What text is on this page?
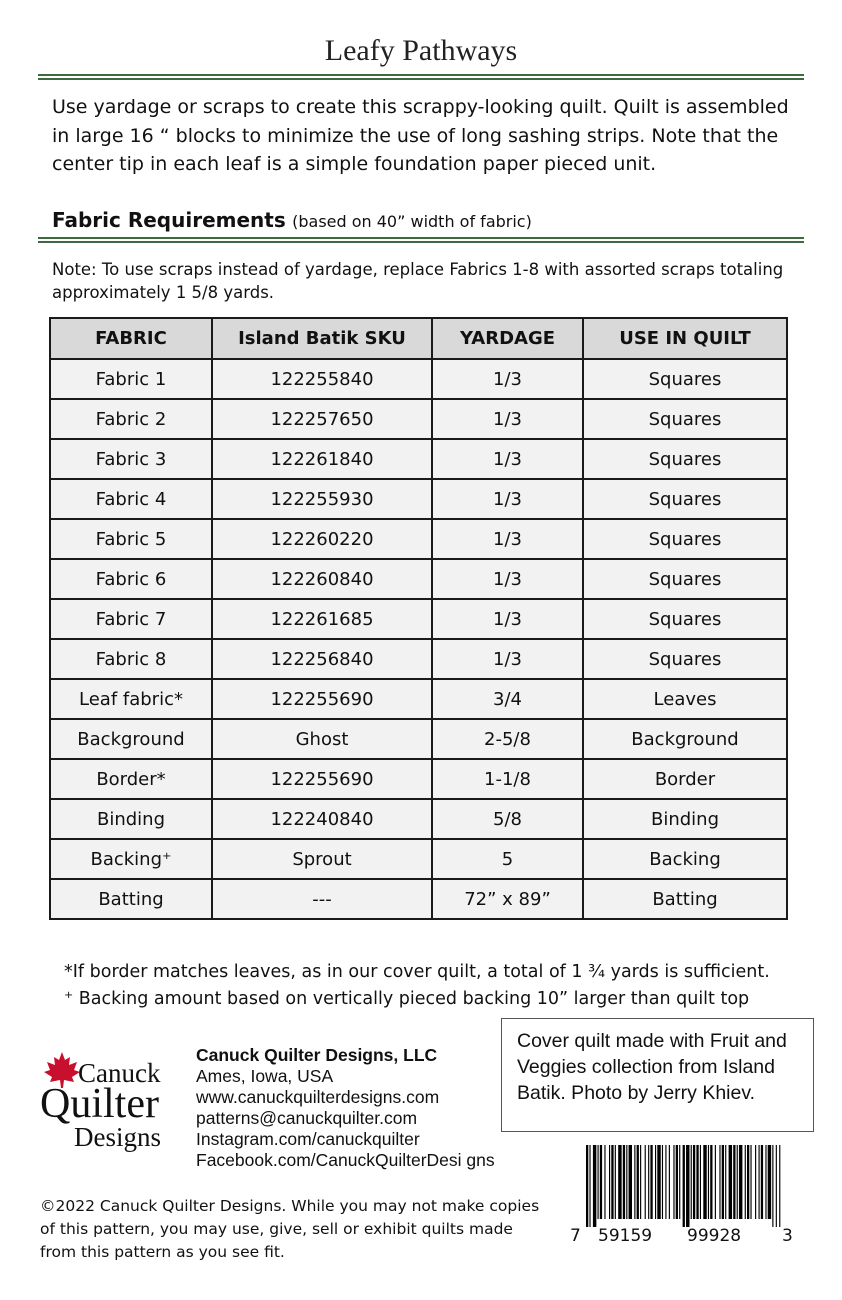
Leafy Pathways
Use yardage or scraps to create this scrappy-looking quilt. Quilt is assembled in large 16 “ blocks to minimize the use of long sashing strips. Note that the center tip in each leaf is a simple foundation paper pieced unit.
Fabric Requirements (based on 40” width of fabric)
Note: To use scraps instead of yardage, replace Fabrics 1-8 with assorted scraps totaling approximately 1 5/8 yards.
FABRIC	Island Batik SKU	YARDAGE	USE IN QUILT
Fabric 1	122255840	1/3	Squares
Fabric 2	122257650	1/3	Squares
Fabric 3	122261840	1/3	Squares
Fabric 4	122255930	1/3	Squares
Fabric 5	122260220	1/3	Squares
Fabric 6	122260840	1/3	Squares
Fabric 7	122261685	1/3	Squares
Fabric 8	122256840	1/3	Squares
Leaf fabric*	122255690	3/4	Leaves
Background	Ghost	2-5/8	Background
Border*	122255690	1-1/8	Border
Binding	122240840	5/8	Binding
Backing⁺	Sprout	5	Backing
Batting	---	72” x 89”	Batting
*If border matches leaves, as in our cover quilt, a total of 1 ¾ yards is sufficient.
⁺ Backing amount based on vertically pieced backing 10” larger than quilt top
Cover quilt made with Fruit and Veggies collection from Island Batik. Photo by Jerry Khiev.
Canuck
Quilter
Designs
Canuck Quilter Designs, LLC
Ames, Iowa, USA
www.canuckquilterdesigns.com
patterns@canuckquilter.com
Instagram.com/canuckquilter
Facebook.com/CanuckQuilterDesi gns
©2022 Canuck Quilter Designs. While you may not make copies of this pattern, you may use, give, sell or exhibit quilts made from this pattern as you see fit.
7 59159 99928 3
